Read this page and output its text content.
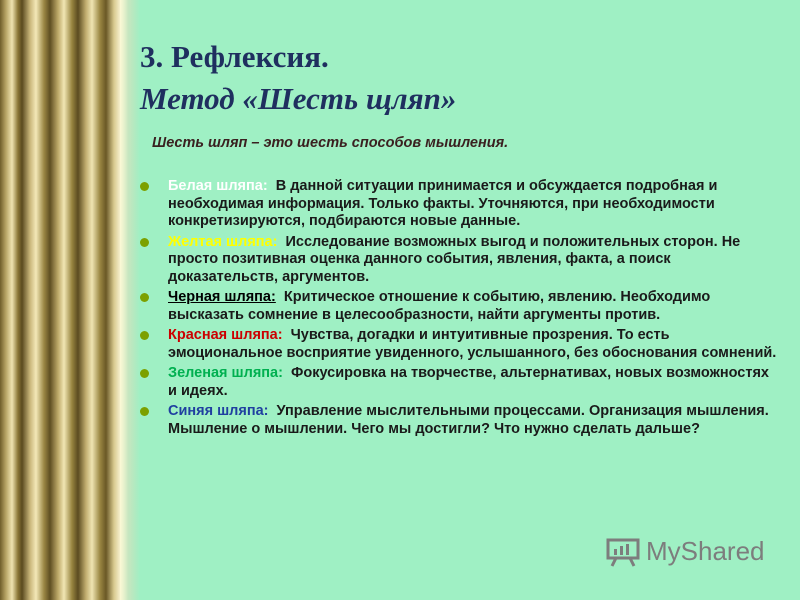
3. Рефлексия.
Метод «Шесть щляп»

Шесть шляп – это шесть способов мышления.

Белая шляпа: В данной ситуации принимается и обсуждается подробная и необходимая информация. Только факты. Уточняются, при необходимости конкретизируются, подбираются новые данные.
Желтая шляпа: Исследование возможных выгод и положительных сторон. Не просто позитивная оценка данного события, явления, факта, а поиск доказательств, аргументов.
Черная шляпа: Критическое отношение к событию, явлению. Необходимо высказать сомнение в целесообразности, найти аргументы против.
Красная шляпа: Чувства, догадки и интуитивные прозрения. То есть эмоциональное восприятие увиденного, услышанного, без обоснования сомнений.
Зеленая шляпа: Фокусировка на творчестве, альтернативах, новых возможностях и идеях.
Синяя шляпа: Управление мыслительными процессами. Организация мышления. Мышление о мышлении. Чего мы достигли? Что нужно сделать дальше?
MyShared
